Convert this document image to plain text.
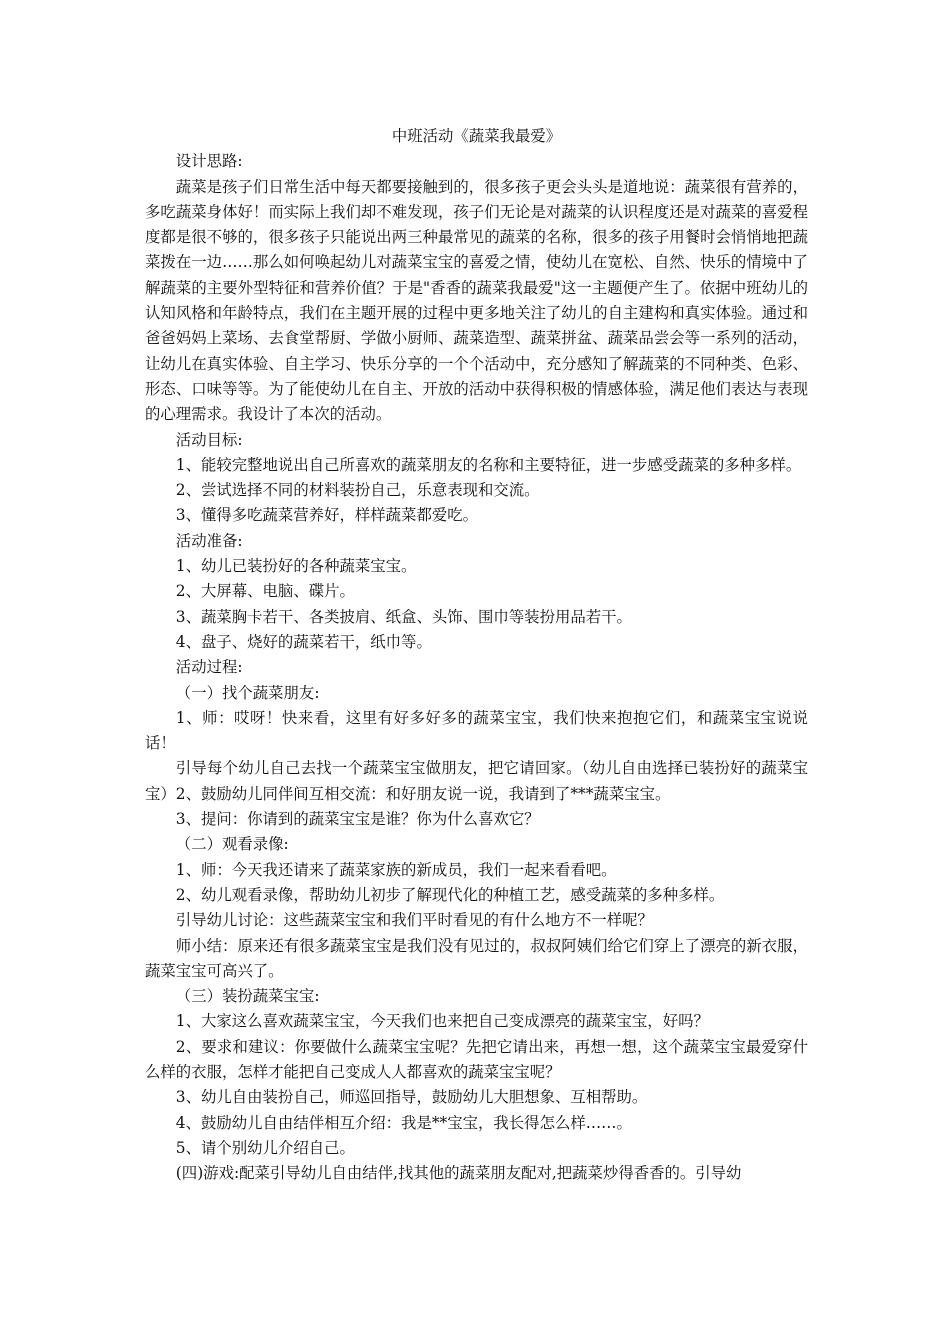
中班活动《蔬菜我最爱》

设计思路:

蔬菜是孩子们日常生活中每天都要接触到的，很多孩子更会头头是道地说：蔬菜很有营养的，多吃蔬菜身体好！而实际上我们却不难发现，孩子们无论是对蔬菜的认识程度还是对蔬菜的喜爱程度都是很不够的，很多孩子只能说出两三种最常见的蔬菜的名称，很多的孩子用餐时会悄悄地把蔬菜拨在一边……那么如何唤起幼儿对蔬菜宝宝的喜爱之情，使幼儿在宽松、自然、快乐的情境中了解蔬菜的主要外型特征和营养价值？于是"香香的蔬菜我最爱"这一主题便产生了。依据中班幼儿的认知风格和年龄特点，我们在主题开展的过程中更多地关注了幼儿的自主建构和真实体验。通过和爸爸妈妈上菜场、去食堂帮厨、学做小厨师、蔬菜造型、蔬菜拼盆、蔬菜品尝会等一系列的活动，让幼儿在真实体验、自主学习、快乐分享的一个个活动中，充分感知了解蔬菜的不同种类、色彩、形态、口味等等。为了能使幼儿在自主、开放的活动中获得积极的情感体验，满足他们表达与表现的心理需求。我设计了本次的活动。

活动目标:

1、能较完整地说出自己所喜欢的蔬菜朋友的名称和主要特征，进一步感受蔬菜的多种多样。

2、尝试选择不同的材料装扮自己，乐意表现和交流。

3、懂得多吃蔬菜营养好，样样蔬菜都爱吃。

活动准备:

1、幼儿已装扮好的各种蔬菜宝宝。

2、大屏幕、电脑、碟片。

3、蔬菜胸卡若干、各类披肩、纸盒、头饰、围巾等装扮用品若干。

4、盘子、烧好的蔬菜若干，纸巾等。

活动过程:

（一）找个蔬菜朋友:

1、师：哎呀！快来看，这里有好多好多的蔬菜宝宝，我们快来抱抱它们，和蔬菜宝宝说说话！

引导每个幼儿自己去找一个蔬菜宝宝做朋友，把它请回家。（幼儿自由选择已装扮好的蔬菜宝宝）2、鼓励幼儿同伴间互相交流：和好朋友说一说，我请到了***蔬菜宝宝。

3、提问：你请到的蔬菜宝宝是谁？你为什么喜欢它？

（二）观看录像:

1、师：今天我还请来了蔬菜家族的新成员，我们一起来看看吧。

2、幼儿观看录像，帮助幼儿初步了解现代化的种植工艺，感受蔬菜的多种多样。

引导幼儿讨论：这些蔬菜宝宝和我们平时看见的有什么地方不一样呢？

师小结：原来还有很多蔬菜宝宝是我们没有见过的，叔叔阿姨们给它们穿上了漂亮的新衣服，蔬菜宝宝可高兴了。

（三）装扮蔬菜宝宝:

1、大家这么喜欢蔬菜宝宝，今天我们也来把自己变成漂亮的蔬菜宝宝，好吗？

2、要求和建议：你要做什么蔬菜宝宝呢？先把它请出来，再想一想，这个蔬菜宝宝最爱穿什么样的衣服，怎样才能把自己变成人人都喜欢的蔬菜宝宝呢？

3、幼儿自由装扮自己，师巡回指导，鼓励幼儿大胆想象、互相帮助。

4、鼓励幼儿自由结伴相互介绍：我是**宝宝，我长得怎么样……。

5、请个别幼儿介绍自己。

(四)游戏:配菜引导幼儿自由结伴,找其他的蔬菜朋友配对,把蔬菜炒得香香的。引导幼
